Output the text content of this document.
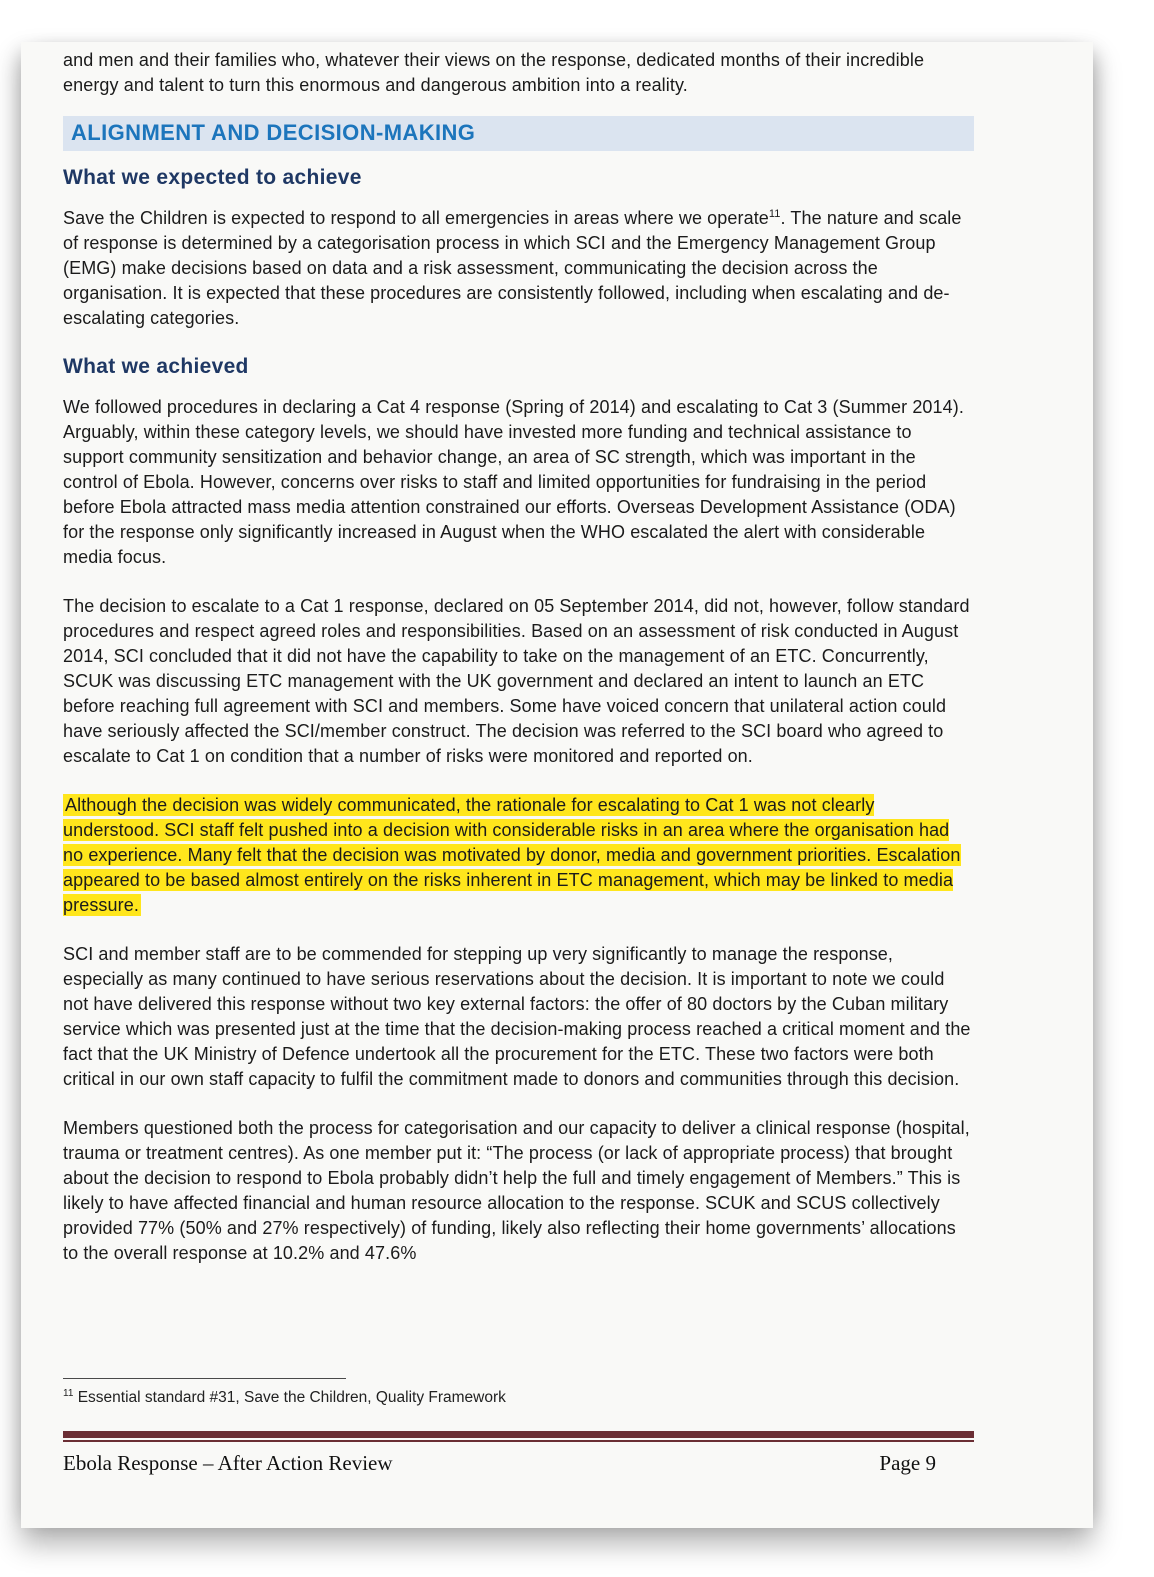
and men and their families who, whatever their views on the response, dedicated months of their incredible energy and talent to turn this enormous and dangerous ambition into a reality.

ALIGNMENT AND DECISION-MAKING
What we expected to achieve

Save the Children is expected to respond to all emergencies in areas where we operate$^{11}$. The nature and scale of response is determined by a categorisation process in which SCI and the Emergency Management Group (EMG) make decisions based on data and a risk assessment, communicating the decision across the organisation. It is expected that these procedures are consistently followed, including when escalating and de-escalating categories.

What we achieved

We followed procedures in declaring a Cat 4 response (Spring of 2014) and escalating to Cat 3 (Summer 2014). Arguably, within these category levels, we should have invested more funding and technical assistance to support community sensitization and behavior change, an area of SC strength, which was important in the control of Ebola. However, concerns over risks to staff and limited opportunities for fundraising in the period before Ebola attracted mass media attention constrained our efforts. Overseas Development Assistance (ODA) for the response only significantly increased in August when the WHO escalated the alert with considerable media focus.

The decision to escalate to a Cat 1 response, declared on 05 September 2014, did not, however, follow standard procedures and respect agreed roles and responsibilities. Based on an assessment of risk conducted in August 2014, SCI concluded that it did not have the capability to take on the management of an ETC. Concurrently, SCUK was discussing ETC management with the UK government and declared an intent to launch an ETC before reaching full agreement with SCI and members. Some have voiced concern that unilateral action could have seriously affected the SCI/member construct. The decision was referred to the SCI board who agreed to escalate to Cat 1 on condition that a number of risks were monitored and reported on.

Although the decision was widely communicated, the rationale for escalating to Cat 1 was not clearly understood. SCI staff felt pushed into a decision with considerable risks in an area where the organisation had no experience. Many felt that the decision was motivated by donor, media and government priorities. Escalation appeared to be based almost entirely on the risks inherent in ETC management, which may be linked to media pressure.

SCI and member staff are to be commended for stepping up very significantly to manage the response, especially as many continued to have serious reservations about the decision. It is important to note we could not have delivered this response without two key external factors: the offer of 80 doctors by the Cuban military service which was presented just at the time that the decision-making process reached a critical moment and the fact that the UK Ministry of Defence undertook all the procurement for the ETC. These two factors were both critical in our own staff capacity to fulfil the commitment made to donors and communities through this decision.

Members questioned both the process for categorisation and our capacity to deliver a clinical response (hospital, trauma or treatment centres). As one member put it: “The process (or lack of appropriate process) that brought about the decision to respond to Ebola probably didn’t help the full and timely engagement of Members.” This is likely to have affected financial and human resource allocation to the response. SCUK and SCUS collectively provided 77% (50% and 27% respectively) of funding, likely also reflecting their home governments’ allocations to the overall response at 10.2% and 47.6%

$^{11}$ Essential standard #31, Save the Children, Quality Framework
Ebola Response – After Action Review	Page 9
